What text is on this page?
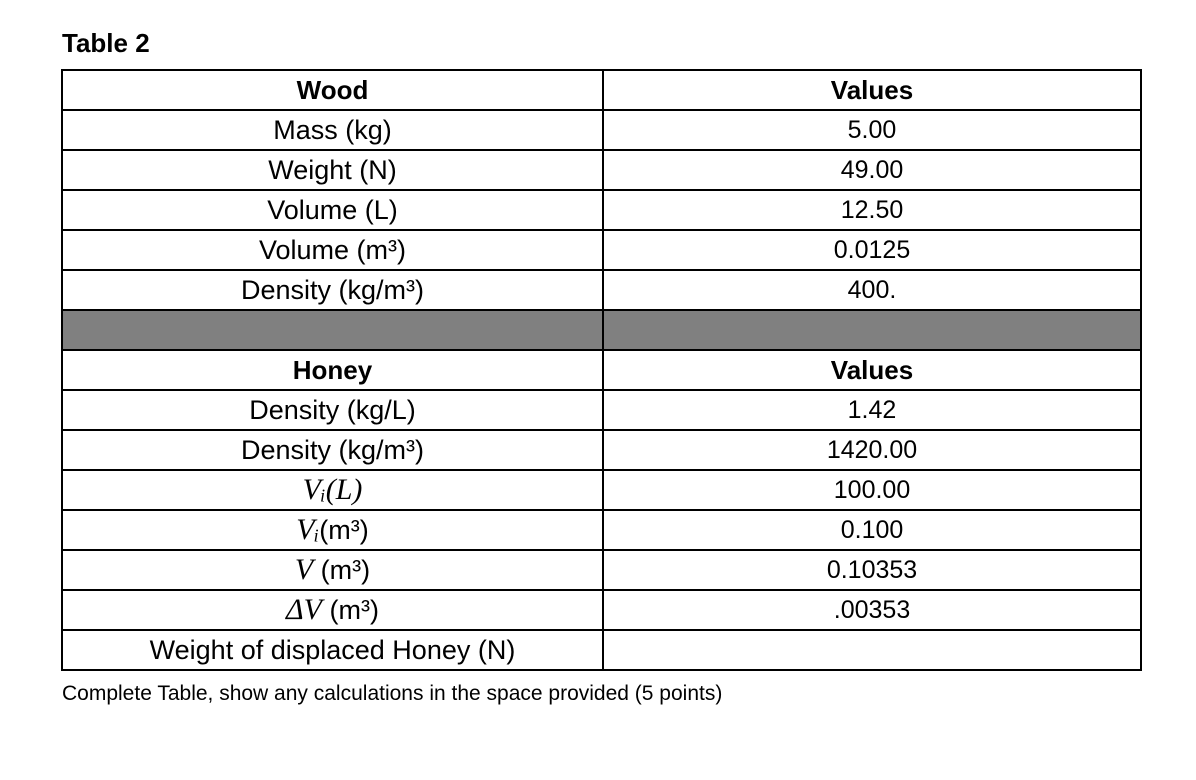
Table 2
Wood	Values
Mass (kg)	5.00
Weight (N)	49.00
Volume (L)	12.50
Volume (m³)	0.0125
Density (kg/m³)	400.

Honey	Values
Density (kg/L)	1.42
Density (kg/m³)	1420.00
Vᵢ(L)	100.00
Vᵢ(m³)	0.100
V (m³)	0.10353
ΔV (m³)	.00353
Weight of displaced Honey (N)	
Complete Table, show any calculations in the space provided (5 points)
